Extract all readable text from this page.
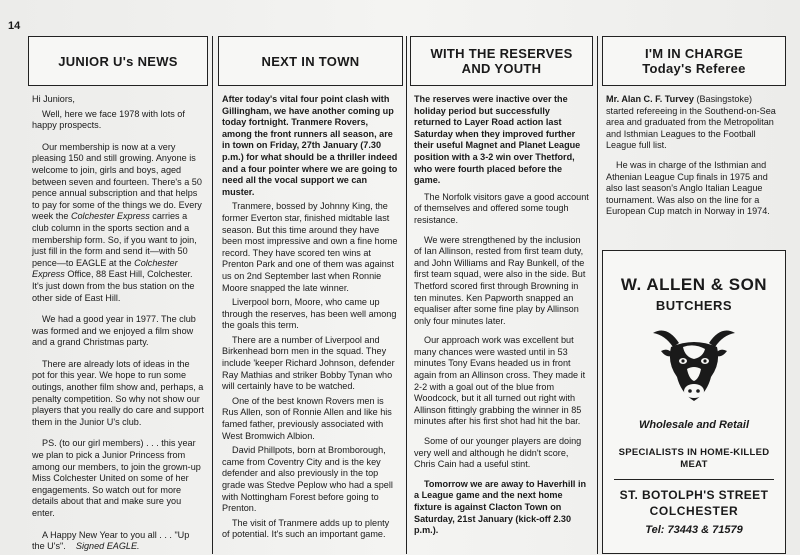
14
JUNIOR U's NEWS

Hi Juniors,

Well, here we face 1978 with lots of happy prospects.

Our membership is now at a very pleasing 150 and still growing. Anyone is welcome to join, girls and boys, aged between seven and fourteen. There's a 50 pence annual subscription and that helps to pay for some of the things we do. Every week the Colchester Express carries a club column in the sports section and a membership form. So, if you want to join, just fill in the form and send it—with 50 pence—to EAGLE at the Colchester Express Office, 88 East Hill, Colchester. It's just down from the bus station on the other side of East Hill.

We had a good year in 1977. The club was formed and we enjoyed a film show and a grand Christmas party.

There are already lots of ideas in the pot for this year. We hope to run some outings, another film show and, perhaps, a penalty competition. So why not show our players that you really do care and support them in the Junior U's club.

PS. (to our girl members) . . . this year we plan to pick a Junior Princess from among our members, to join the grown-up Miss Colchester United on some of her engagements. So watch out for more details about that and make sure you enter.

A Happy New Year to you all . . . "Up the U's". Signed EAGLE.

NEXT IN TOWN

After today's vital four point clash with Gillingham, we have another coming up today fortnight. Tranmere Rovers, among the front runners all season, are in town on Friday, 27th January (7.30 p.m.) for what should be a thriller indeed and a four pointer where we are going to need all the vocal support we can muster.

Tranmere, bossed by Johnny King, the former Everton star, finished midtable last season. But this time around they have been most impressive and own a fine home record. They have scored ten wins at Prenton Park and one of them was against us on 2nd September last when Ronnie Moore snapped the late winner.

Liverpool born, Moore, who came up through the reserves, has been well among the goals this term.

There are a number of Liverpool and Birkenhead born men in the squad. They include 'keeper Richard Johnson, defender Ray Mathias and striker Bobby Tynan who will certainly have to be watched.

One of the best known Rovers men is Rus Allen, son of Ronnie Allen and like his famed father, previously associated with West Bromwich Albion.

David Phillpots, born at Bromborough, came from Coventry City and is the key defender and also previously in the top grade was Stedve Peplow who had a spell with Nottingham Forest before going to Prenton.

The visit of Tranmere adds up to plenty of potential. It's such an important game.

WITH THE RESERVES
AND YOUTH

The reserves were inactive over the holiday period but successfully returned to Layer Road action last Saturday when they improved further their useful Magnet and Planet League position with a 3-2 win over Thetford, who were fourth placed before the game.

The Norfolk visitors gave a good account of themselves and offered some tough resistance.

We were strengthened by the inclusion of Ian Allinson, rested from first team duty, and John Williams and Ray Bunkell, of the first team squad, were also in the side. But Thetford scored first through Browning in ten minutes. Ken Papworth snapped an equaliser after some fine play by Allinson only four minutes later.

Our approach work was excellent but many chances were wasted until in 53 minutes Tony Evans headed us in front again from an Allinson cross. They made it 2-2 with a goal out of the blue from Woodcock, but it all turned out right with Allinson fittingly grabbing the winner in 85 minutes after his first shot had hit the bar.

Some of our younger players are doing very well and although he didn't score, Chris Cain had a useful stint.

Tomorrow we are away to Haverhill in a League game and the next home fixture is against Clacton Town on Saturday, 21st January (kick-off 2.30 p.m.).

I'M IN CHARGE
Today's Referee

Mr. Alan C. F. Turvey (Basingstoke) started refereeing in the Southend-on-Sea area and graduated from the Metropolitan and Isthmian Leagues to the Football League full list.

He was in charge of the Isthmian and Athenian League Cup finals in 1975 and also last season's Anglo Italian League tournament. Was also on the line for a European Cup match in Norway in 1974.

W. ALLEN & SON
BUTCHERS
Wholesale and Retail
SPECIALISTS IN HOME-KILLED MEAT
ST. BOTOLPH'S STREET
COLCHESTER
Tel: 73443 & 71579
